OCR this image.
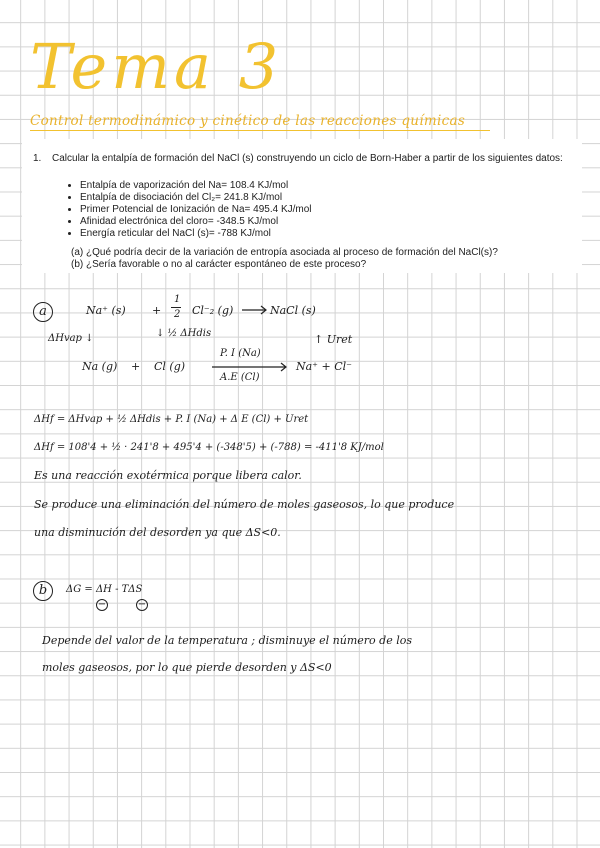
Tema 3
Control termodinámico y cinético de las reacciones químicas
1. Calcular la entalpía de formación del NaCl (s) construyendo un ciclo de Born-Haber a partir de los siguientes datos:
• Entalpía de vaporización del Na= 108.4 KJ/mol
• Entalpía de disociación del Cl₂= 241.8 KJ/mol
• Primer Potencial de Ionización de Na= 495.4 KJ/mol
• Afinidad electrónica del cloro= -348.5 KJ/mol
• Energía reticular del NaCl (s)= -788 KJ/mol
(a) ¿Qué podría decir de la variación de entropía asociada al proceso de formación del NaCl(s)?
(b) ¿Sería favorable o no al carácter espontáneo de este proceso?
a	Na⁺ (s) +
1
2 Cl⁻₂ (g) → NaCl (s)
ΔHvap ↓	↓ ½ ΔHdis	↑ Uret
Na (g) + Cl (g)
P. I (Na)
A.E (Cl)
Na⁺ + Cl⁻
ΔHf = ΔHvap + ½ ΔHdis + P. I (Na) + Δ E (Cl) + Uret
ΔHf = 108'4 + ½ · 241'8 + 495'4 + (-348'5) + (-788) = -411'8 KJ/mol
Es una reacción exotérmica porque libera calor.
Se produce una eliminación del número de moles gaseosos, lo que produce
una disminución del desorden ya que ΔS<0.
b	ΔG = ΔH - TΔS
−	−
Depende del valor de la temperatura ; disminuye el número de los
moles gaseosos, por lo que pierde desorden y ΔS<0
